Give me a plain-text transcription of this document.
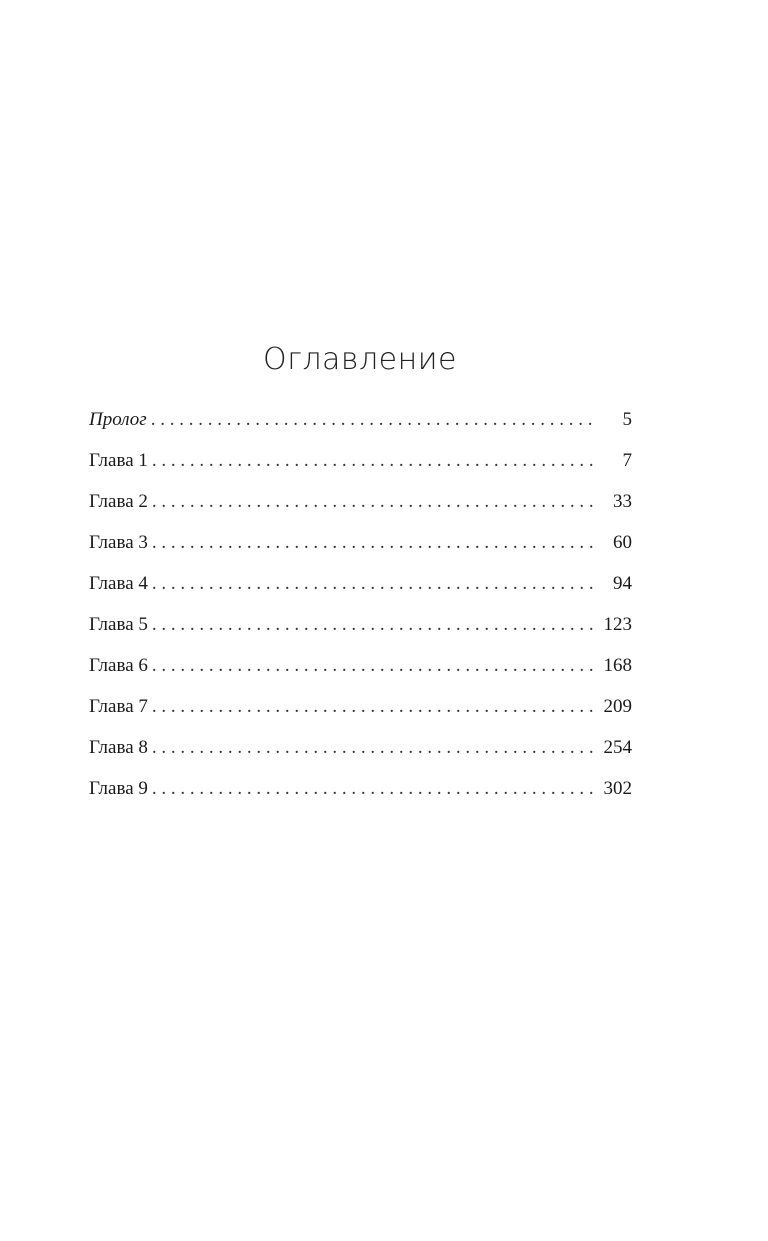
Оглавление
Пролог . . .	5
Глава 1 . . .	7
Глава 2 . . .	33
Глава 3 . . .	60
Глава 4 . . .	94
Глава 5 . . .	123
Глава 6 . . .	168
Глава 7 . . .	209
Глава 8 . . .	254
Глава 9 . . .	302
